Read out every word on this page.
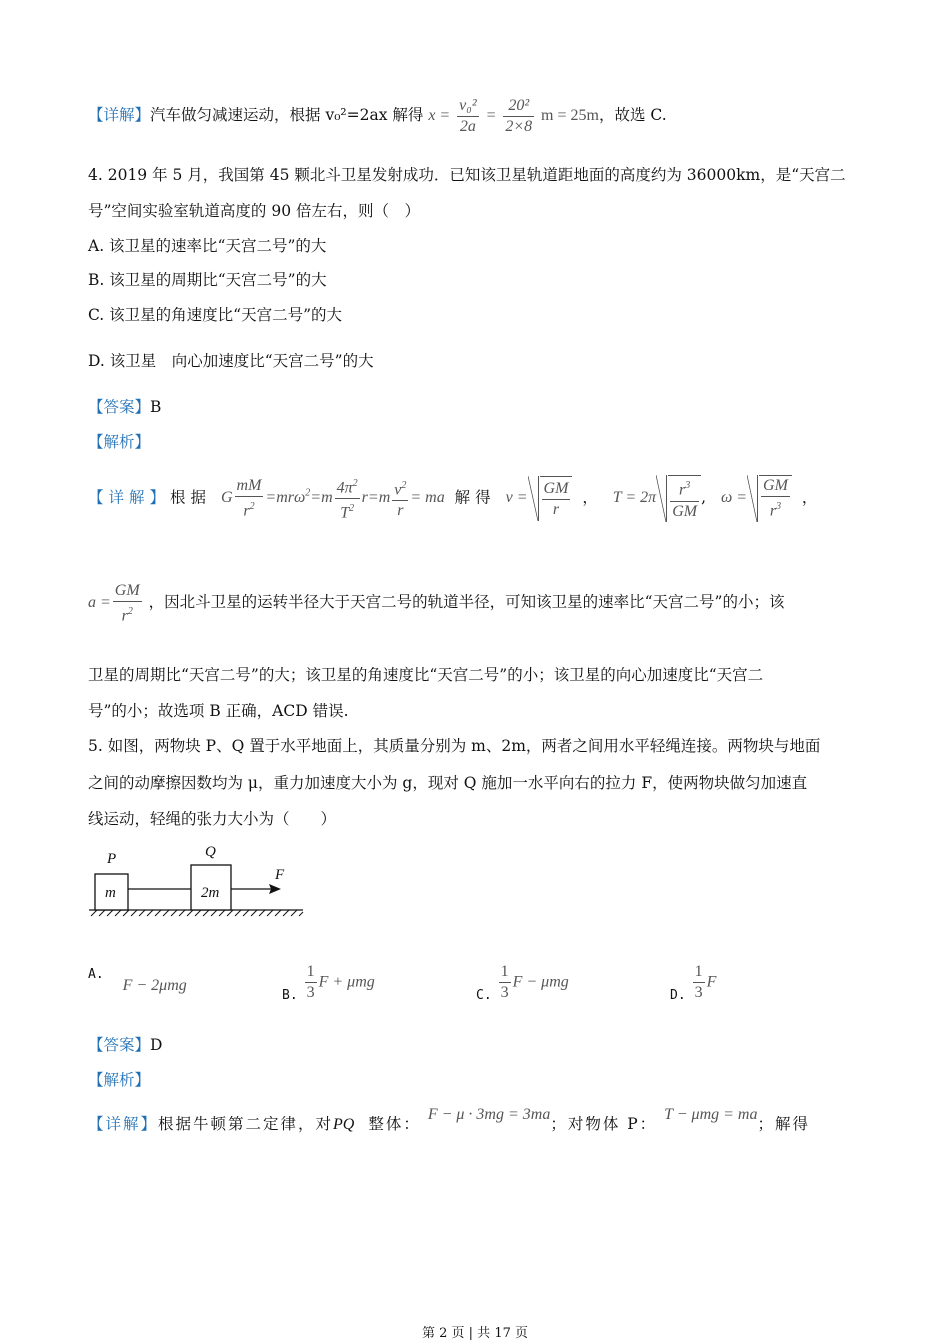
【详解】汽车做匀减速运动，根据 v₀²=2ax 解得 $x = \frac{\text{v₀²}}{2a} = \frac{\text{20²}}{2\times 8}$ m = 25m，故选 C.
4. 2019 年 5 月，我国第 45 颗北斗卫星发射成功．已知该卫星轨道距地面的高度约为 36000km，是“天宫二
号”空间实验室轨道高度的 90 倍左右，则（　）
A. 该卫星的速率比“天宫二号”的大
B. 该卫星的周期比“天宫二号”的大
C. 该卫星的角速度比“天宫二号”的大
D. 该卫星　向心加速度比“天宫二号”的大
【答案】B
【解析】
【详解】根据 G $\frac{mM}{r^2} =mr\omega^2=m \frac{4\pi^2}{T^2} r=m \frac{v^2}{r}$ = ma 解得 $v = \frac{GM}{r}$ ， $T = 2\pi \frac{r^3}{GM}$ , $\omega = \frac{GM}{r^3}$ ，
$a = \frac{GM}{r^2}$ ，因北斗卫星的运转半径大于天宫二号的轨道半径，可知该卫星的速率比“天宫二号”的小；该
卫星的周期比“天宫二号”的大；该卫星的角速度比“天宫二号”的小；该卫星的向心加速度比“天宫二
号”的小；故选项 B 正确，ACD 错误.
5. 如图，两物块 P、Q 置于水平地面上，其质量分别为 m、2m，两者之间用水平轻绳连接。两物块与地面
之间的动摩擦因数均为 μ，重力加速度大小为 g，现对 Q 施加一水平向右的拉力 F，使两物块做匀加速直
线运动，轻绳的张力大小为（　　）
P	Q
m	2m
F
A. F − 2μmg
$_{B.} \frac{1}{3}$ F + μmg
$_{C.} \frac{1}{3}$ F − μmg
$_{D.} \frac{1}{3}$ F
【答案】D
【解析】
【详解】根据牛顿第二定律，对PQ 整体： F − μ · 3mg = 3ma；对物体 P： T − μmg = ma；解得
第 2 页 | 共 17 页
